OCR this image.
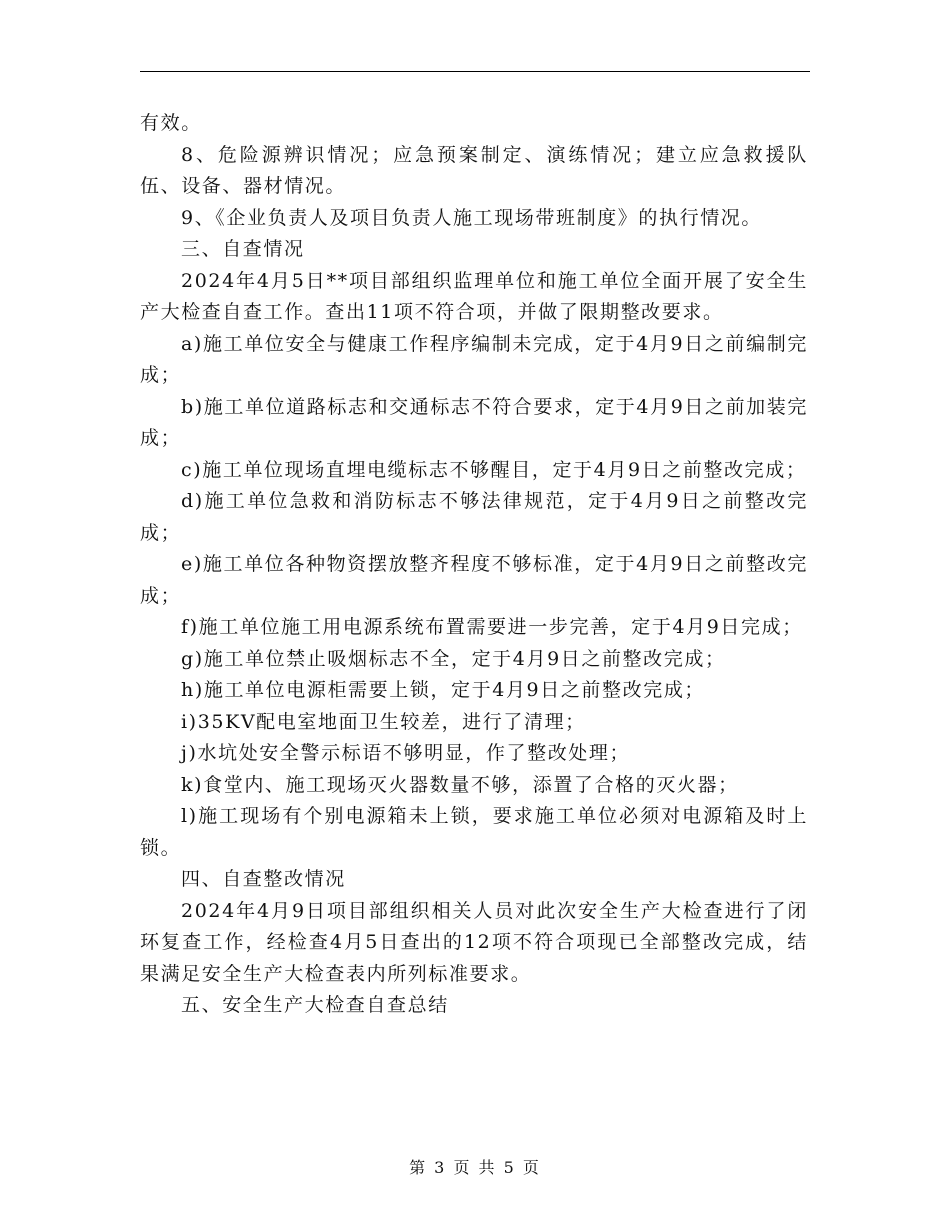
有效。

8、危险源辨识情况；应急预案制定、演练情况；建立应急救援队伍、设备、器材情况。

9、《企业负责人及项目负责人施工现场带班制度》的执行情况。

三、自查情况

2024年4月5日**项目部组织监理单位和施工单位全面开展了安全生产大检查自查工作。查出11项不符合项，并做了限期整改要求。

a)施工单位安全与健康工作程序编制未完成，定于4月9日之前编制完成；

b)施工单位道路标志和交通标志不符合要求，定于4月9日之前加装完成；

c)施工单位现场直埋电缆标志不够醒目，定于4月9日之前整改完成；

d)施工单位急救和消防标志不够法律规范，定于4月9日之前整改完成；

e)施工单位各种物资摆放整齐程度不够标准，定于4月9日之前整改完成；

f)施工单位施工用电源系统布置需要进一步完善，定于4月9日完成；

g)施工单位禁止吸烟标志不全，定于4月9日之前整改完成；

h)施工单位电源柜需要上锁，定于4月9日之前整改完成；

i)35KV配电室地面卫生较差，进行了清理；

j)水坑处安全警示标语不够明显，作了整改处理；

k)食堂内、施工现场灭火器数量不够，添置了合格的灭火器；

l)施工现场有个别电源箱未上锁，要求施工单位必须对电源箱及时上锁。

四、自查整改情况

2024年4月9日项目部组织相关人员对此次安全生产大检查进行了闭环复查工作，经检查4月5日查出的12项不符合项现已全部整改完成，结果满足安全生产大检查表内所列标准要求。

五、安全生产大检查自查总结

第 3 页 共 5 页
